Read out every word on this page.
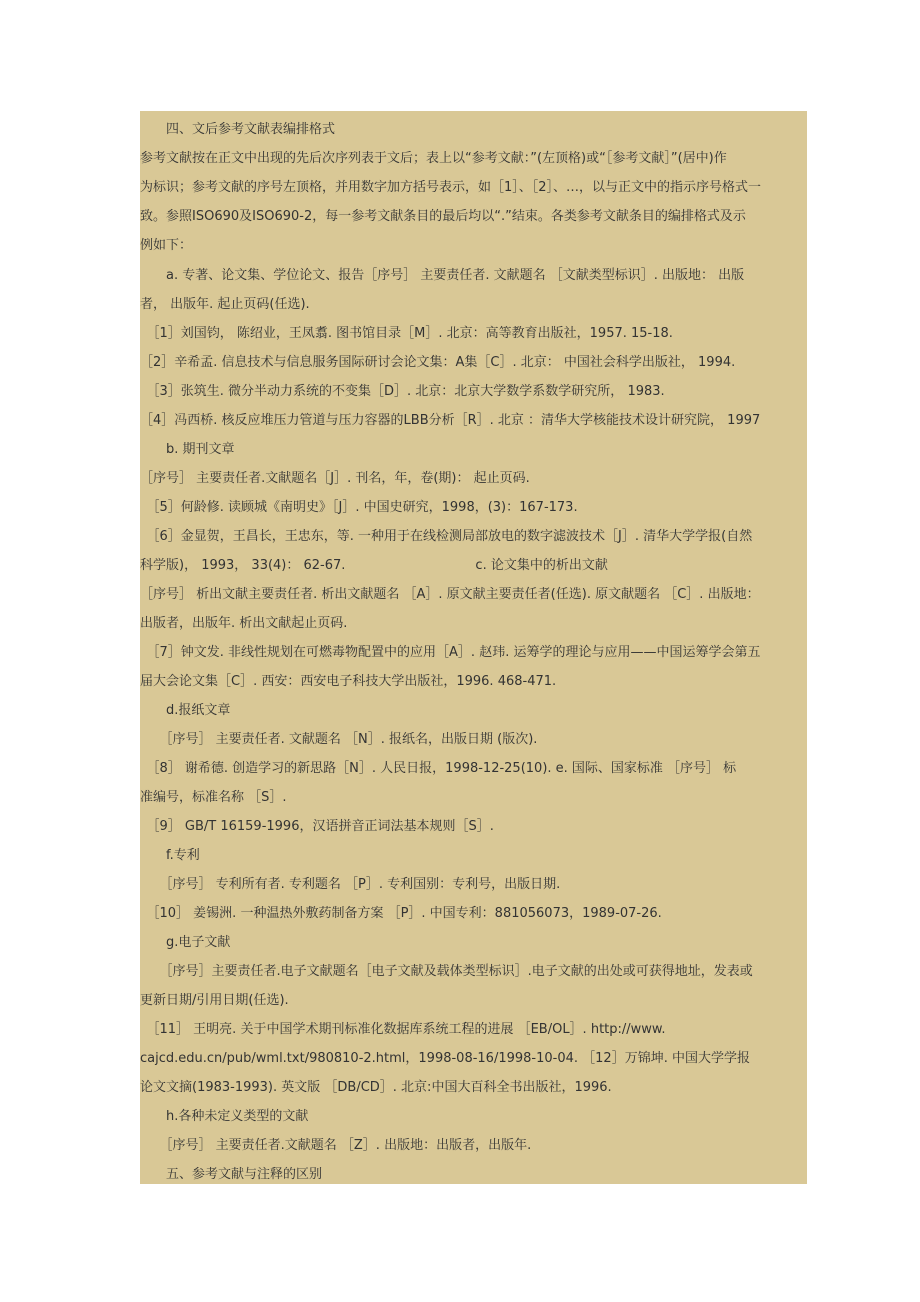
　　四、文后参考文献表编排格式
参考文献按在正文中出现的先后次序列表于文后；表上以“参考文献：”(左顶格)或“［参考文献］”(居中)作
为标识；参考文献的序号左顶格，并用数字加方括号表示，如［1］、［2］、…，以与正文中的指示序号格式一
致。参照ISO690及ISO690-2，每一参考文献条目的最后均以“.”结束。各类参考文献条目的编排格式及示
例如下：
　　a. 专著、论文集、学位论文、报告［序号］ 主要责任者. 文献题名 ［文献类型标识］. 出版地： 出版
者， 出版年. 起止页码(任选).
　［1］刘国钧， 陈绍业，王凤翥. 图书馆目录［M］. 北京：高等教育出版社，1957. 15-18.
［2］辛希孟. 信息技术与信息服务国际研讨会论文集：A集［C］. 北京： 中国社会科学出版社， 1994.
　［3］张筑生. 微分半动力系统的不变集［D］. 北京：北京大学数学系数学研究所， 1983.
［4］冯西桥. 核反应堆压力管道与压力容器的LBB分析［R］. 北京 ：清华大学核能技术设计研究院， 1997
　　b. 期刊文章
［序号］ 主要责任者.文献题名［J］. 刊名，年，卷(期)： 起止页码.
　［5］何龄修. 读顾城《南明史》［J］. 中国史研究，1998，(3)：167-173.
　［6］金显贺，王昌长，王忠东，等. 一种用于在线检测局部放电的数字滤波技术［J］. 清华大学学报(自然
科学版)， 1993， 33(4)： 62-67.　　　　　　　　　　c. 论文集中的析出文献
［序号］ 析出文献主要责任者. 析出文献题名 ［A］. 原文献主要责任者(任选). 原文献题名 ［C］. 出版地：
出版者，出版年. 析出文献起止页码.
　［7］钟文发. 非线性规划在可燃毒物配置中的应用［A］. 赵玮. 运筹学的理论与应用——中国运筹学会第五
届大会论文集［C］. 西安：西安电子科技大学出版社，1996. 468-471.
　　d.报纸文章
　　［序号］ 主要责任者. 文献题名 ［N］. 报纸名，出版日期 (版次).
　［8］ 谢希德. 创造学习的新思路［N］. 人民日报，1998-12-25(10). e. 国际、国家标准 ［序号］ 标
准编号，标准名称 ［S］.
　［9］ GB/T 16159-1996，汉语拼音正词法基本规则［S］.
　　f.专利
　　［序号］ 专利所有者. 专利题名 ［P］. 专利国别：专利号，出版日期.
　［10］ 姜锡洲. 一种温热外敷药制备方案 ［P］. 中国专利：881056073，1989-07-26.
　　g.电子文献
　　［序号］主要责任者.电子文献题名［电子文献及载体类型标识］.电子文献的出处或可获得地址，发表或
更新日期/引用日期(任选).
　［11］ 王明亮. 关于中国学术期刊标准化数据库系统工程的进展 ［EB/OL］. http://www.
cajcd.edu.cn/pub/wml.txt/980810-2.html，1998-08-16/1998-10-04. ［12］万锦坤. 中国大学学报
论文文摘(1983-1993). 英文版 ［DB/CD］. 北京:中国大百科全书出版社，1996.
　　h.各种未定义类型的文献
　　［序号］ 主要责任者.文献题名 ［Z］. 出版地：出版者，出版年.
　　五、参考文献与注释的区别
